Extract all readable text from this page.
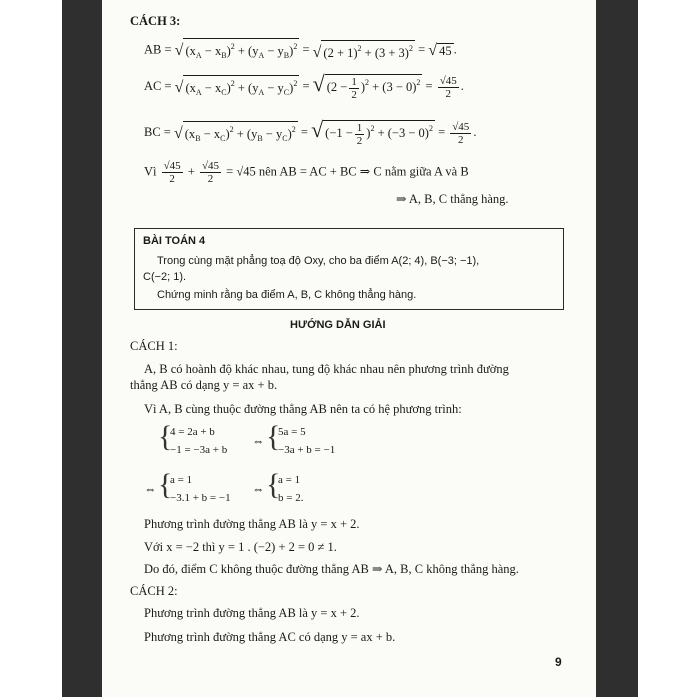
CÁCH 3:
AB = √ $(x_A - x_B)^2 + (y_A - y_B)^2$ = √ $(2 + 1)^2 + (3 + 3)^2$ = √ 45 .
AC = √ $(x_A - x_C)^2 + (y_A - y_C)^2$ = √ $(2 - \frac{1}{2} )^2 + (3 - 0)^2 = \frac{√45}{2}$ .
BC = √ $(x_B - x_C)^2 + (y_B - y_C)^2$ = √ $(-1 - \frac{1}{2} )^2 + (-3 - 0)^2 = \frac{√45}{2}$ .
Vì $\frac{√45}{2} + \frac{√45}{2} = √45$ nên AB = AC + BC ⇒ C nằm giữa A và B
⇒ A, B, C thẳng hàng.
BÀI TOÁN 4
Trong cùng mặt phẳng toạ độ Oxy, cho ba điểm A(2; 4), B(−3; −1),
C(−2; 1).
Chứng minh rằng ba điểm A, B, C không thẳng hàng.
HƯỚNG DẪN GIẢI
CÁCH 1:
A, B có hoành độ khác nhau, tung độ khác nhau nên phương trình đường
thẳng AB có dạng y = ax + b.
Vì A, B cùng thuộc đường thẳng AB nên ta có hệ phương trình:
{
4 = 2a + b
−1 = −3a + b
⇔ {
5a = 5
−3a + b = −1
⇔ {
a = 1
−3.1 + b = −1
⇔ {
a = 1
b = 2.
Phương trình đường thẳng AB là y = x + 2.
Với x = −2 thì y = 1 . (−2) + 2 = 0 ≠ 1.
Do đó, điểm C không thuộc đường thẳng AB ⇒ A, B, C không thẳng hàng.
CÁCH 2:
Phương trình đường thẳng AB là y = x + 2.
Phương trình đường thẳng AC có dạng y = ax + b.
9
